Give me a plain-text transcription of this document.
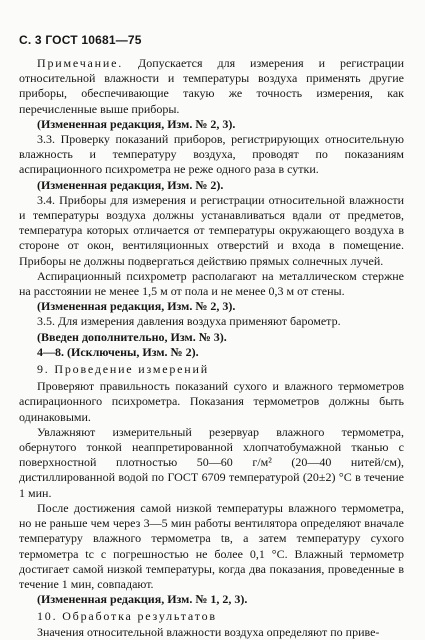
С. 3 ГОСТ 10681—75

Примечание. Допускается для измерения и регистрации относительной влажности и температуры воздуха применять другие приборы, обеспечивающие такую же точность измерения, как перечисленные выше приборы.

(Измененная редакция, Изм. № 2, 3).

3.3. Проверку показаний приборов, регистрирующих относительную влажность и температуру воздуха, проводят по показаниям аспирационного психрометра не реже одного раза в сутки.

(Измененная редакция, Изм. № 2).

3.4. Приборы для измерения и регистрации относительной влажности и температуры воздуха должны устанавливаться вдали от предметов, температура которых отличается от температуры окружающего воздуха в стороне от окон, вентиляционных отверстий и входа в помещение. Приборы не должны подвергаться действию прямых солнечных лучей.

Аспирационный психрометр располагают на металлическом стержне на расстоянии не менее 1,5 м от пола и не менее 0,3 м от стены.

(Измененная редакция, Изм. № 2, 3).

3.5. Для измерения давления воздуха применяют барометр.

(Введен дополнительно, Изм. № 3).

4—8. (Исключены, Изм. № 2).

9. Проведение измерений

Проверяют правильность показаний сухого и влажного термометров аспирационного психрометра. Показания термометров должны быть одинаковыми.

Увлажняют измерительный резервуар влажного термометра, обернутого тонкой неаппретированной хлопчатобумажной тканью с поверхностной плотностью 50—60 г/м² (20—40 нитей/см), дистиллированной водой по ГОСТ 6709 температурой (20±2) °С в течение 1 мин.

После достижения самой низкой температуры влажного термометра, но не раньше чем через 3—5 мин работы вентилятора определяют вначале температуру влажного термометра tв, а затем температуру сухого термометра tс с погрешностью не более 0,1 °С. Влажный термометр достигает самой низкой температуры, когда два показания, проведенные в течение 1 мин, совпадают.

(Измененная редакция, Изм. № 1, 2, 3).

10. Обработка результатов

Значения относительной влажности воздуха определяют по приве-
